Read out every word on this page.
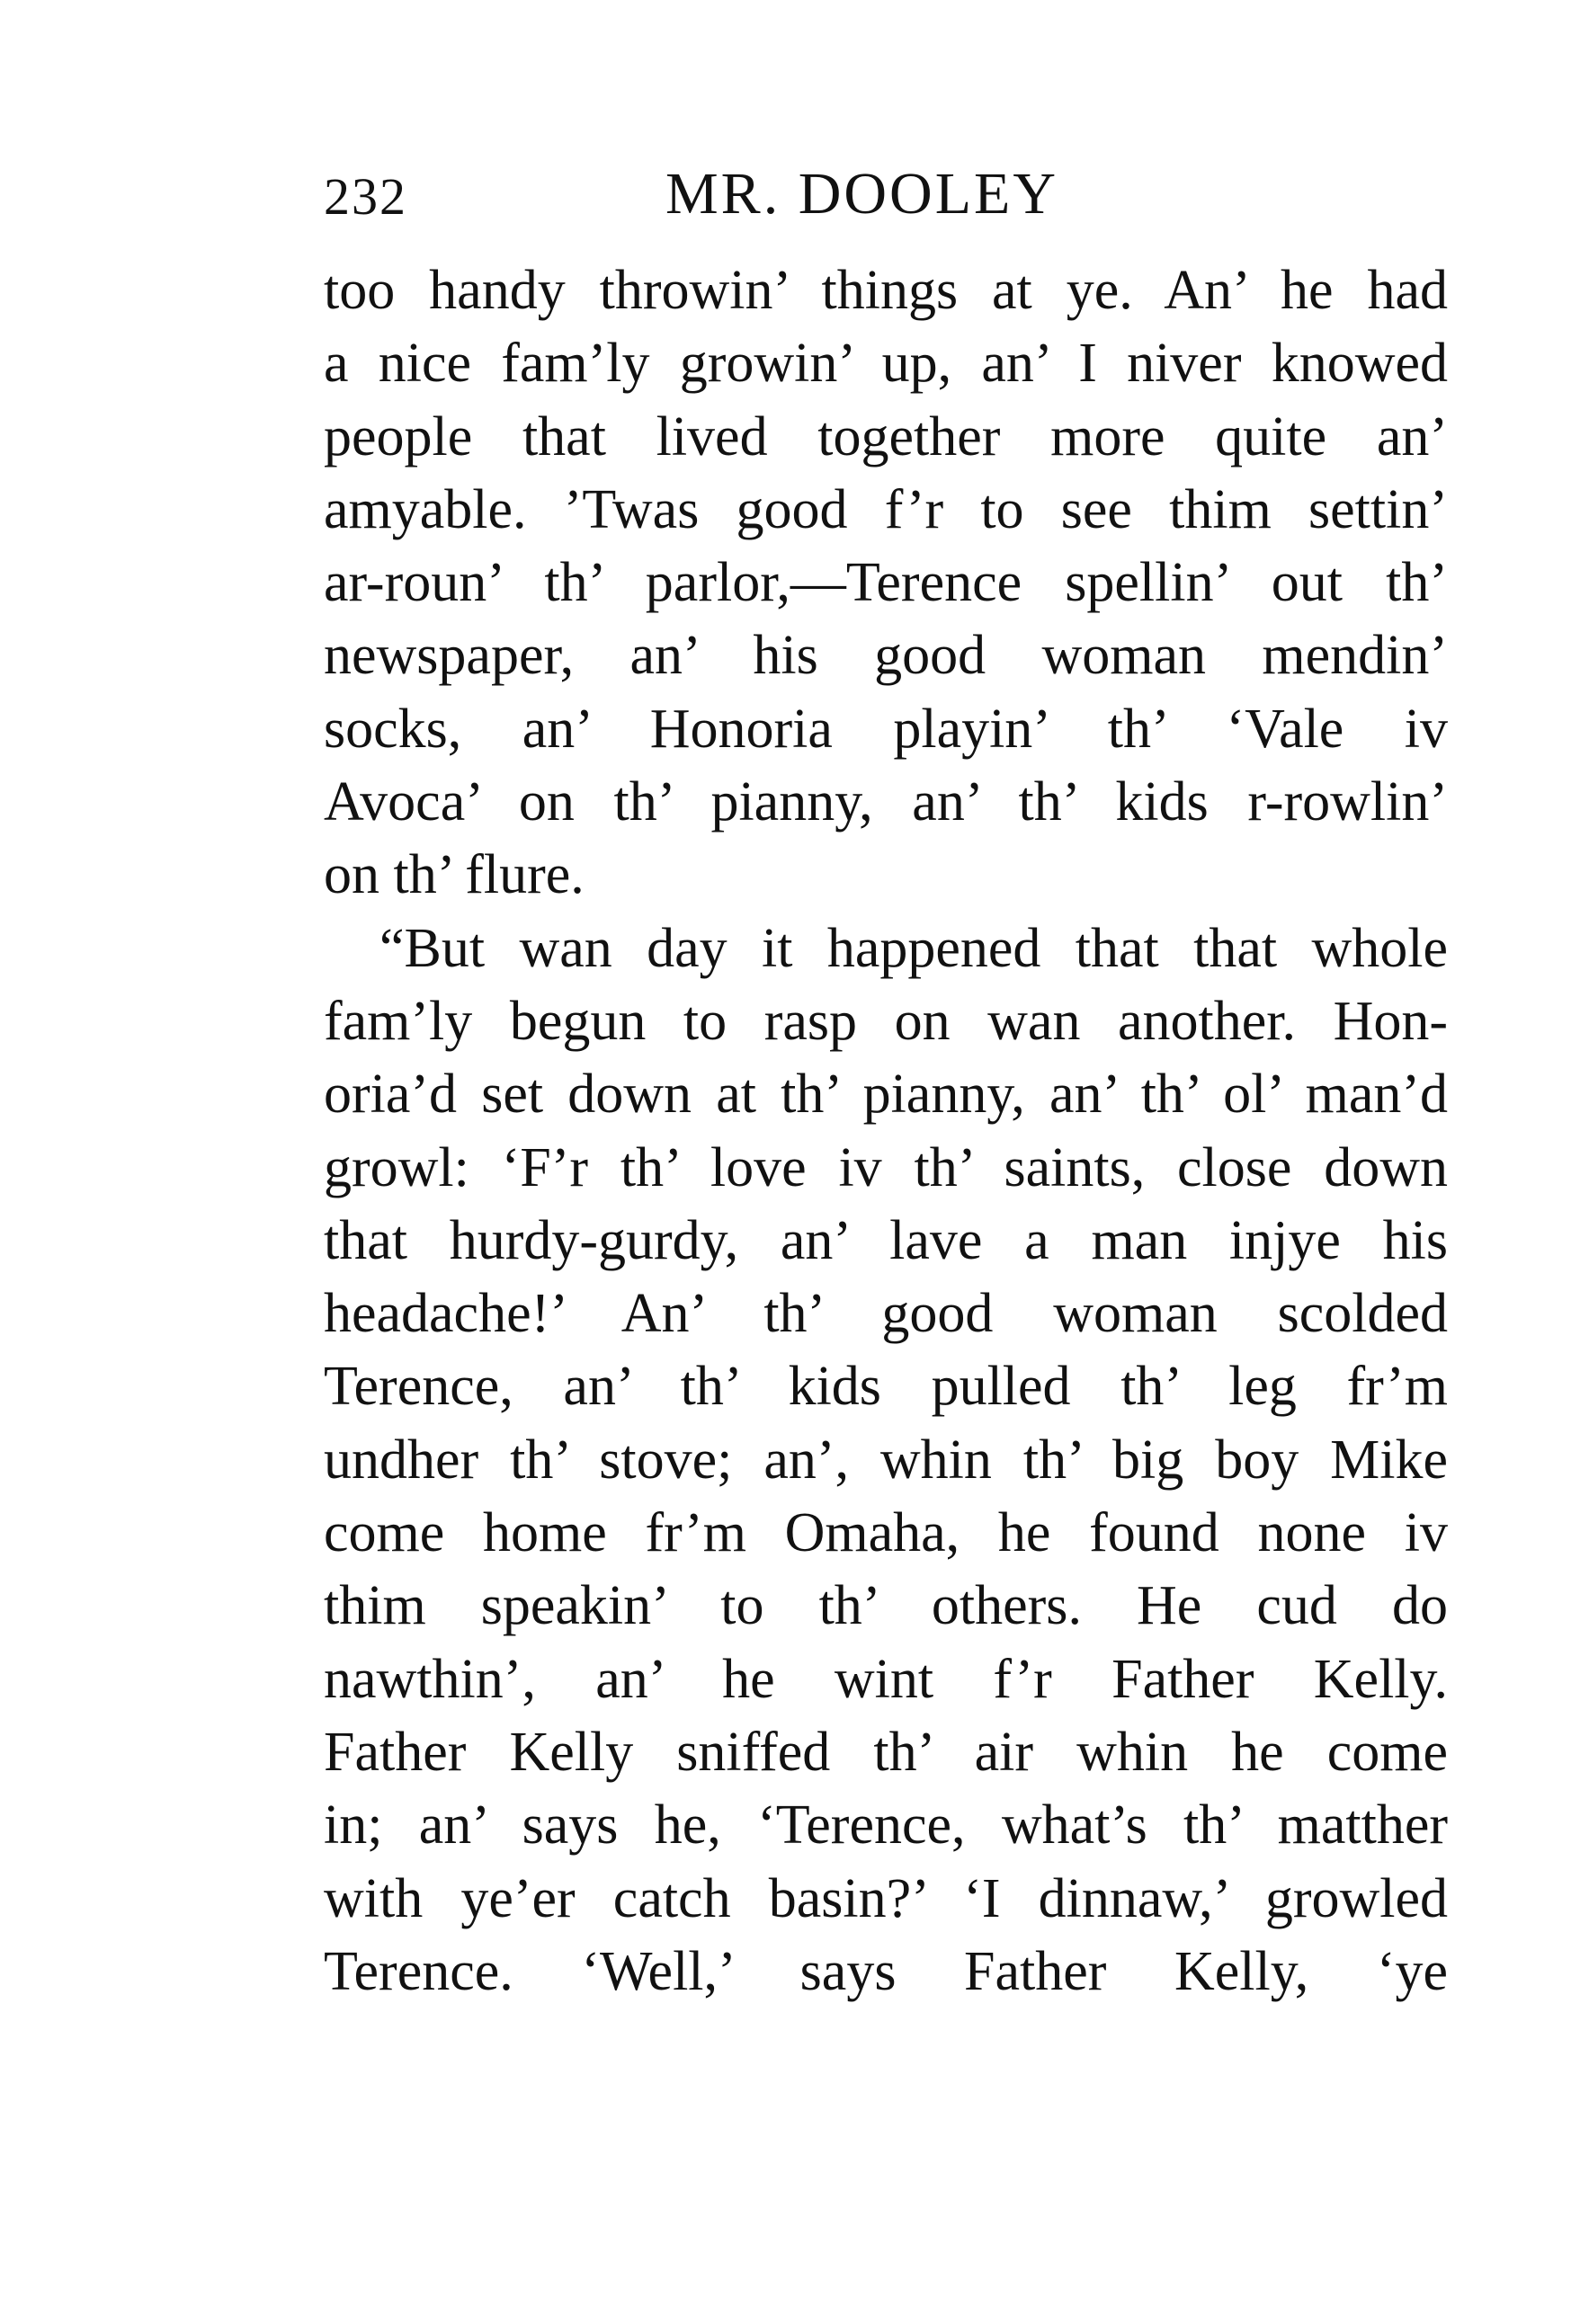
232	MR. DOOLEY
too handy throwin’ things at ye. An’ he had
a nice fam’ly growin’ up, an’ I niver knowed
people that lived together more quite an’
amyable. ’Twas good f’r to see thim settin’
ar-roun’ th’ parlor,—Terence spellin’ out th’
newspaper, an’ his good woman mendin’
socks, an’ Honoria playin’ th’ ‘Vale iv
Avoca’ on th’ pianny, an’ th’ kids r-rowlin’
on th’ flure.
“But wan day it happened that that whole
fam’ly begun to rasp on wan another. Hon-
oria’d set down at th’ pianny, an’ th’ ol’ man’d
growl: ‘F’r th’ love iv th’ saints, close down
that hurdy-gurdy, an’ lave a man injye his
headache!’ An’ th’ good woman scolded
Terence, an’ th’ kids pulled th’ leg fr’m
undher th’ stove; an’, whin th’ big boy Mike
come home fr’m Omaha, he found none iv
thim speakin’ to th’ others. He cud do
nawthin’, an’ he wint f’r Father Kelly.
Father Kelly sniffed th’ air whin he come
in; an’ says he, ‘Terence, what’s th’ matther
with ye’er catch basin?’ ‘I dinnaw,’ growled
Terence. ‘Well,’ says Father Kelly, ‘ye
